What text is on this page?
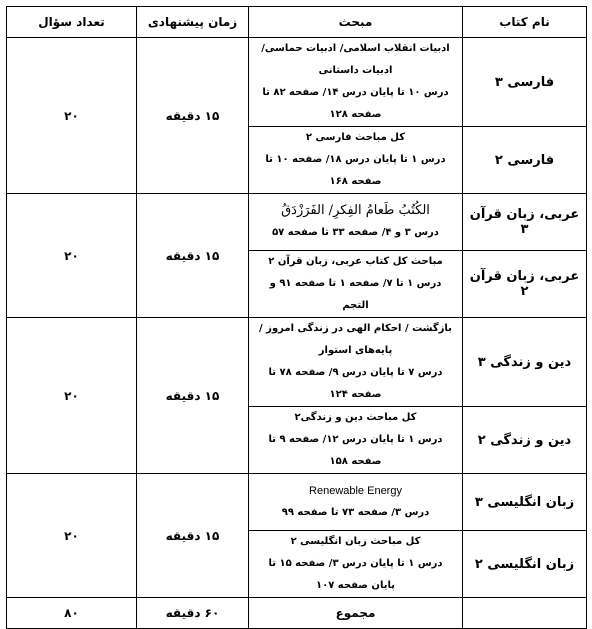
نام کتاب	مبحث	زمان پیشنهادی	تعداد سؤال
فارسی ۳	ادبیات انقلاب اسلامی/ ادبیات حماسی/ ادبیات داستانی
درس ۱۰ تا پایان درس ۱۴/ صفحه ۸۲ تا صفحه ۱۲۸	۱۵ دقیقه	۲۰
فارسی ۲	کل مباحث فارسی ۲
درس ۱ تا پایان درس ۱۸/ صفحه ۱۰ تا صفحه ۱۶۸		

عربی، زبان قرآن ۳	الکُتُبُ طَعامُ الفِکرِ/ الفَرَزْدَقُ
درس ۳ و ۴/ صفحه ۳۳ تا صفحه ۵۷	۱۵ دقیقه	۲۰
عربی، زبان قرآن ۲	مباحث کل کتاب عربی، زبان قرآن ۲
درس ۱ تا ۷/ صفحه ۱ تا صفحه ۹۱ و التجم		

دین و زندگی ۳	بازگشت / احکام الهی در زندگی امروز /پایه‌های استوار
درس ۷ تا پایان درس ۹/ صفحه ۷۸ تا صفحه ۱۲۴	۱۵ دقیقه	۲۰
دین و زندگی ۲	کل مباحث دین و زندگی۲
درس ۱ تا پایان درس ۱۲/ صفحه ۹ تا صفحه ۱۵۸		

زبان انگلیسی ۳	Renewable Energy
درس ۳/ صفحه ۷۳ تا صفحه ۹۹	۱۵ دقیقه	۲۰
زبان انگلیسی ۲	کل مباحث زبان انگلیسی ۲
درس ۱ تا پایان درس ۳/ صفحه ۱۵ تا پایان صفحه ۱۰۷		

	مجموع	۶۰ دقیقه	۸۰
